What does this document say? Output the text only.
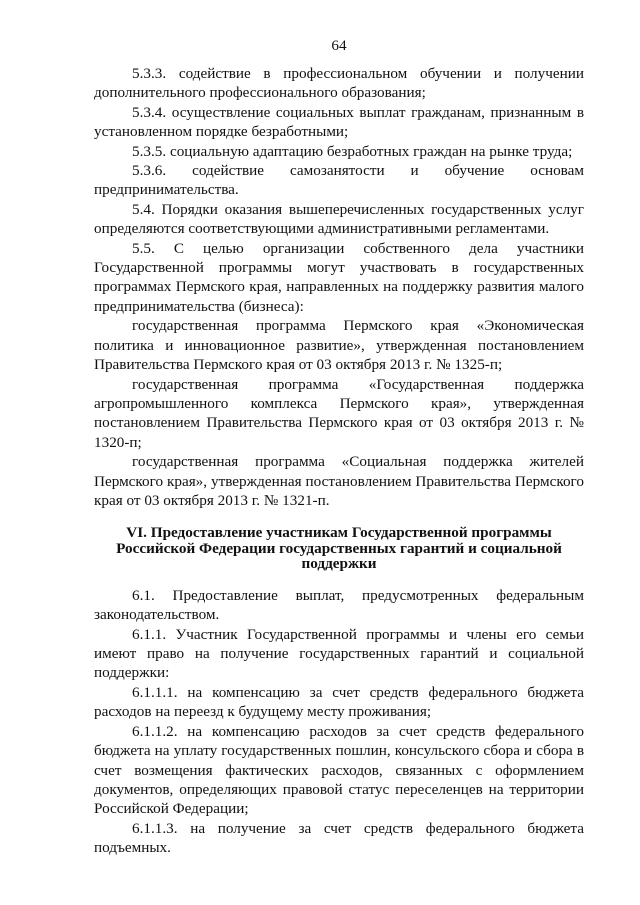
64

5.3.3. содействие в профессиональном обучении и получении дополнительного профессионального образования;

5.3.4. осуществление социальных выплат гражданам, признанным в установленном порядке безработными;

5.3.5. социальную адаптацию безработных граждан на рынке труда;

5.3.6. содействие самозанятости и обучение основам предпринимательства.

5.4. Порядки оказания вышеперечисленных государственных услуг определяются соответствующими административными регламентами.

5.5. С целью организации собственного дела участники Государственной программы могут участвовать в государственных программах Пермского края, направленных на поддержку развития малого предпринимательства (бизнеса):

государственная программа Пермского края «Экономическая политика и инновационное развитие», утвержденная постановлением Правительства Пермского края от 03 октября 2013 г. № 1325-п;

государственная программа «Государственная поддержка агропромышленного комплекса Пермского края», утвержденная постановлением Правительства Пермского края от 03 октября 2013 г. № 1320-п;

государственная программа «Социальная поддержка жителей Пермского края», утвержденная постановлением Правительства Пермского края от 03 октября 2013 г. № 1321-п.

VI. Предоставление участникам Государственной программы Российской Федерации государственных гарантий и социальной поддержки

6.1. Предоставление выплат, предусмотренных федеральным законодательством.

6.1.1. Участник Государственной программы и члены его семьи имеют право на получение государственных гарантий и социальной поддержки:

6.1.1.1. на компенсацию за счет средств федерального бюджета расходов на переезд к будущему месту проживания;

6.1.1.2. на компенсацию расходов за счет средств федерального бюджета на уплату государственных пошлин, консульского сбора и сбора в счет возмещения фактических расходов, связанных с оформлением документов, определяющих правовой статус переселенцев на территории Российской Федерации;

6.1.1.3. на получение за счет средств федерального бюджета подъемных.
